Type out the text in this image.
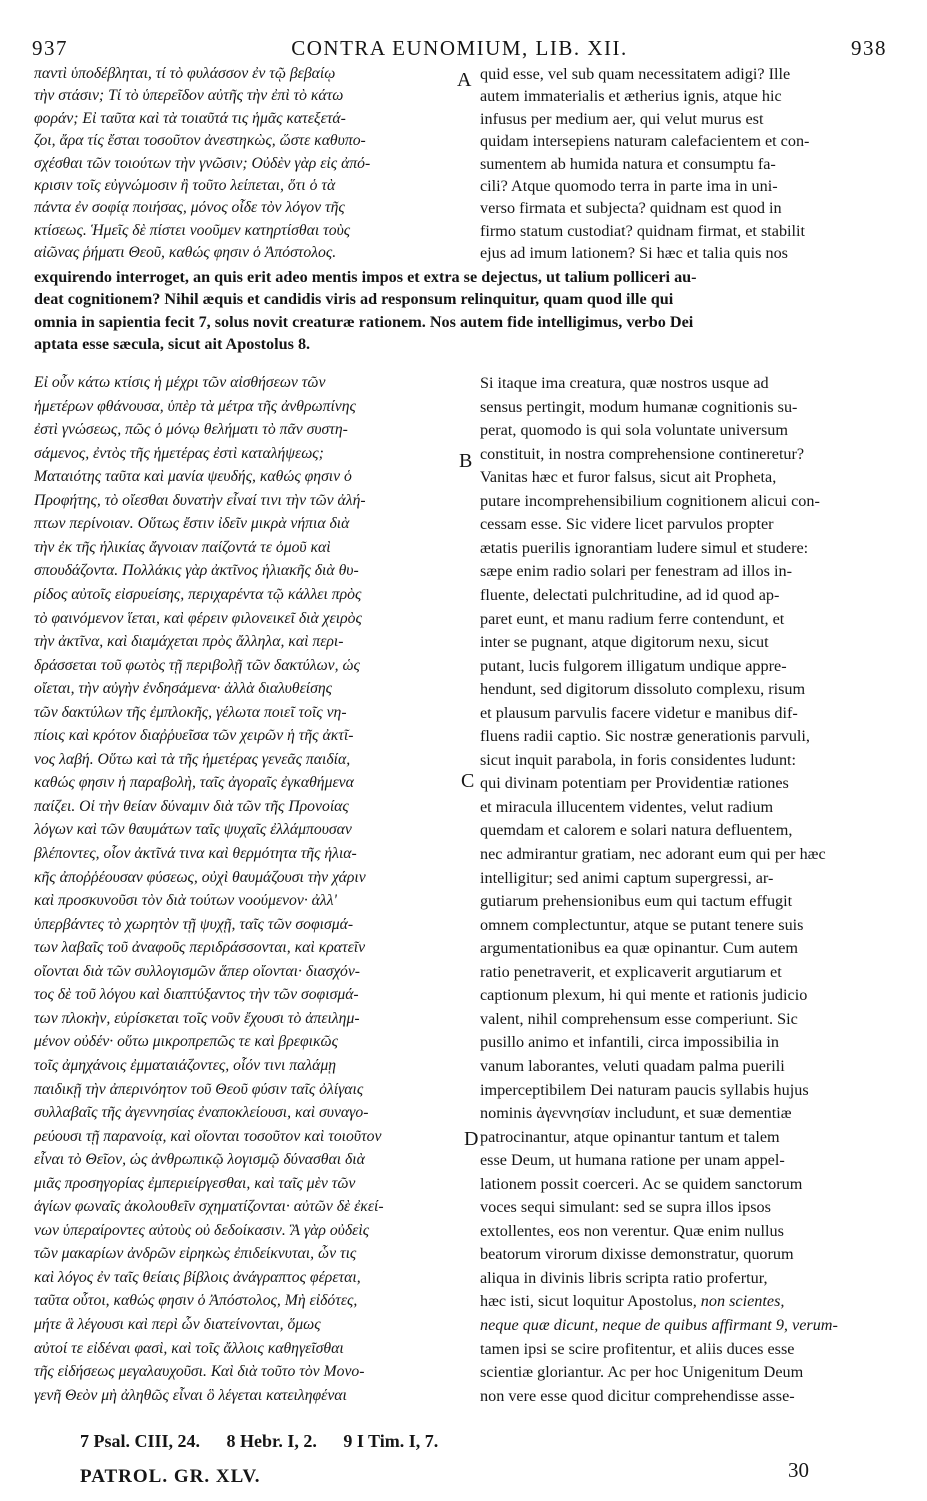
937	CONTRA EUNOMIUM, LIB. XII.	938
παντὶ ὑποδέβληται, τί τὸ φυλάσσον ἐν τῷ βεβαίῳ
τὴν στάσιν; Τί τὸ ὑπερεῖδον αὐτῆς τὴν ἐπὶ τὸ κάτω
φοράν; Εἰ ταῦτα καὶ τὰ τοιαῦτά τις ἡμᾶς κατεξετά-
ζοι, ἄρα τίς ἔσται τοσοῦτον ἀνεστηκὼς, ὥστε καθυπο-
σχέσθαι τῶν τοιούτων τὴν γνῶσιν; Οὐδὲν γὰρ εἰς ἀπό-
κρισιν τοῖς εὐγνώμοσιν ἢ τοῦτο λείπεται, ὅτι ὁ τὰ
πάντα ἐν σοφίᾳ ποιήσας, μόνος οἶδε τὸν λόγον τῆς
κτίσεως. Ἡμεῖς δὲ πίστει νοοῦμεν κατηρτίσθαι τοὺς
αἰῶνας ῥήματι Θεοῦ, καθώς φησιν ὁ Ἀπόστολος.
quid esse, vel sub quam necessitatem adigi? Ille
autem immaterialis et ætherius ignis, atque hic
infusus per medium aer, qui velut murus est
quidam intersepiens naturam calefacientem et con-
sumentem ab humida natura et consumptu fa-
cili? Atque quomodo terra in parte ima in uni-
verso firmata et subjecta? quidnam est quod in
firmo statum custodiat? quidnam firmat, et stabilit
ejus ad imum lationem? Si hæc et talia quis nos
exquirendo interroget, an quis erit adeo mentis impos et extra se dejectus, ut talium polliceri au-
deat cognitionem? Nihil æquis et candidis viris ad responsum relinquitur, quam quod ille qui
omnia in sapientia fecit 7, solus novit creaturæ rationem. Nos autem fide intelligimus, verbo Dei
aptata esse sæcula, sicut ait Apostolus 8.
Εἰ οὖν κάτω κτίσις ἡ μέχρι τῶν αἰσθήσεων τῶν
ἡμετέρων φθάνουσα, ὑπὲρ τὰ μέτρα τῆς ἀνθρωπίνης
ἐστὶ γνώσεως, πῶς ὁ μόνῳ θελήματι τὸ πᾶν συστη-
σάμενος, ἐντὸς τῆς ἡμετέρας ἐστὶ καταλήψεως;
Ματαιότης ταῦτα καὶ μανία ψευδής, καθώς φησιν ὁ
Προφήτης, τὸ οἴεσθαι δυνατὴν εἶναί τινι τὴν τῶν ἀλή-
πτων περίνοιαν. Οὕτως ἔστιν ἰδεῖν μικρὰ νήπια διὰ
τὴν ἐκ τῆς ἡλικίας ἄγνοιαν παίζοντά τε ὁμοῦ καὶ
σπουδάζοντα. Πολλάκις γὰρ ἀκτῖνος ἡλιακῆς διὰ θυ-
ρίδος αὐτοῖς εἰσρυείσης, περιχαρέντα τῷ κάλλει πρὸς
τὸ φαινόμενον ἵεται, καὶ φέρειν φιλονεικεῖ διὰ χειρὸς
τὴν ἀκτῖνα, καὶ διαμάχεται πρὸς ἄλληλα, καὶ περι-
δράσσεται τοῦ φωτὸς τῇ περιβολῇ τῶν δακτύλων, ὡς
οἴεται, τὴν αὐγὴν ἐνδησάμενα· ἀλλὰ διαλυθείσης
τῶν δακτύλων τῆς ἐμπλοκῆς, γέλωτα ποιεῖ τοῖς νη-
πίοις καὶ κρότον διαῤῥυεῖσα τῶν χειρῶν ἡ τῆς ἀκτῖ-
νος λαβή. Οὕτω καὶ τὰ τῆς ἡμετέρας γενεᾶς παιδία,
καθώς φησιν ἡ παραβολὴ, ταῖς ἀγοραῖς ἐγκαθήμενα
παίζει. Οἱ τὴν θείαν δύναμιν διὰ τῶν τῆς Προνοίας
λόγων καὶ τῶν θαυμάτων ταῖς ψυχαῖς ἐλλάμπουσαν
βλέποντες, οἷον ἀκτῖνά τινα καὶ θερμότητα τῆς ἡλια-
κῆς ἀποῤῥέουσαν φύσεως, οὐχὶ θαυμάζουσι τὴν χάριν
καὶ προσκυνοῦσι τὸν διὰ τούτων νοούμενον· ἀλλ'
ὑπερβάντες τὸ χωρητὸν τῇ ψυχῇ, ταῖς τῶν σοφισμά-
των λαβαῖς τοῦ ἀναφοῦς περιδράσσονται, καὶ κρατεῖν
οἴονται διὰ τῶν συλλογισμῶν ἅπερ οἴονται· διασχόν-
τος δὲ τοῦ λόγου καὶ διαπτύξαντος τὴν τῶν σοφισμά-
των πλοκὴν, εὑρίσκεται τοῖς νοῦν ἔχουσι τὸ ἀπειλημ-
μένον οὐδέν· οὕτω μικροπρεπῶς τε καὶ βρεφικῶς
τοῖς ἀμηχάνοις ἐμματαιάζοντες, οἷόν τινι παλάμῃ
παιδικῇ τὴν ἀπερινόητον τοῦ Θεοῦ φύσιν ταῖς ὀλίγαις
συλλαβαῖς τῆς ἀγεννησίας ἐναποκλείουσι, καὶ συναγο-
ρεύουσι τῇ παρανοίᾳ, καὶ οἴονται τοσοῦτον καὶ τοιοῦτον
εἶναι τὸ Θεῖον, ὡς ἀνθρωπικῷ λογισμῷ δύνασθαι διὰ
μιᾶς προσηγορίας ἐμπεριείργεσθαι, καὶ ταῖς μὲν τῶν
ἁγίων φωναῖς ἀκολουθεῖν σχηματίζονται· αὐτῶν δὲ ἐκεί-
νων ὑπεραίροντες αὐτοὺς οὐ δεδοίκασιν. Ἃ γὰρ οὐδεὶς
τῶν μακαρίων ἀνδρῶν εἰρηκὼς ἐπιδείκνυται, ὧν τις
καὶ λόγος ἐν ταῖς θείαις βίβλοις ἀνάγραπτος φέρεται,
ταῦτα οὗτοι, καθώς φησιν ὁ Ἀπόστολος, Μὴ εἰδότες,
μήτε ἃ λέγουσι καὶ περὶ ὧν διατείνονται, ὅμως
αὐτοί τε εἰδέναι φασὶ, καὶ τοῖς ἄλλοις καθηγεῖσθαι
τῆς εἰδήσεως μεγαλαυχοῦσι. Καὶ διὰ τοῦτο τὸν Μονο-
γενῆ Θεὸν μὴ ἀληθῶς εἶναι ὃ λέγεται κατειληφέναι
Si itaque ima creatura, quæ nostros usque ad
sensus pertingit, modum humanæ cognitionis su-
perat, quomodo is qui sola voluntate universum
constituit, in nostra comprehensione contineretur?
Vanitas hæc et furor falsus, sicut ait Propheta,
putare incomprehensibilium cognitionem alicui con-
cessam esse. Sic videre licet parvulos propter
ætatis puerilis ignorantiam ludere simul et studere:
sæpe enim radio solari per fenestram ad illos in-
fluente, delectati pulchritudine, ad id quod ap-
paret eunt, et manu radium ferre contendunt, et
inter se pugnant, atque digitorum nexu, sicut
putant, lucis fulgorem illigatum undique appre-
hendunt, sed digitorum dissoluto complexu, risum
et plausum parvulis facere videtur e manibus dif-
fluens radii captio. Sic nostræ generationis parvuli,
sicut inquit parabola, in foris considentes ludunt:
qui divinam potentiam per Providentiæ rationes
et miracula illucentem videntes, velut radium
quemdam et calorem e solari natura defluentem,
nec admirantur gratiam, nec adorant eum qui per hæc
intelligitur; sed animi captum supergressi, ar-
gutiarum prehensionibus eum qui tactum effugit
omnem complectuntur, atque se putant tenere suis
argumentationibus ea quæ opinantur. Cum autem
ratio penetraverit, et explicaverit argutiarum et
captionum plexum, hi qui mente et rationis judicio
valent, nihil comprehensum esse comperiunt. Sic
pusillo animo et infantili, circa impossibilia in
vanum laborantes, veluti quadam palma puerili
imperceptibilem Dei naturam paucis syllabis hujus
nominis ἀγεννησίαν includunt, et suæ dementiæ
patrocinantur, atque opinantur tantum et talem
esse Deum, ut humana ratione per unam appel-
lationem possit coerceri. Ac se quidem sanctorum
voces sequi simulant: sed se supra illos ipsos
extollentes, eos non verentur. Quæ enim nullus
beatorum virorum dixisse demonstratur, quorum
aliqua in divinis libris scripta ratio profertur,
hæc isti, sicut loquitur Apostolus, non scientes,
neque quæ dicunt, neque de quibus affirmant 9, verum-
tamen ipsi se scire profitentur, et aliis duces esse
scientiæ gloriantur. Ac per hoc Unigenitum Deum
non vere esse quod dicitur comprehendisse asse-
A
B
C
D
7 Psal. CIII, 24. 8 Hebr. I, 2. 9 I Tim. I, 7.
PATROL. GR. XLV.	30
